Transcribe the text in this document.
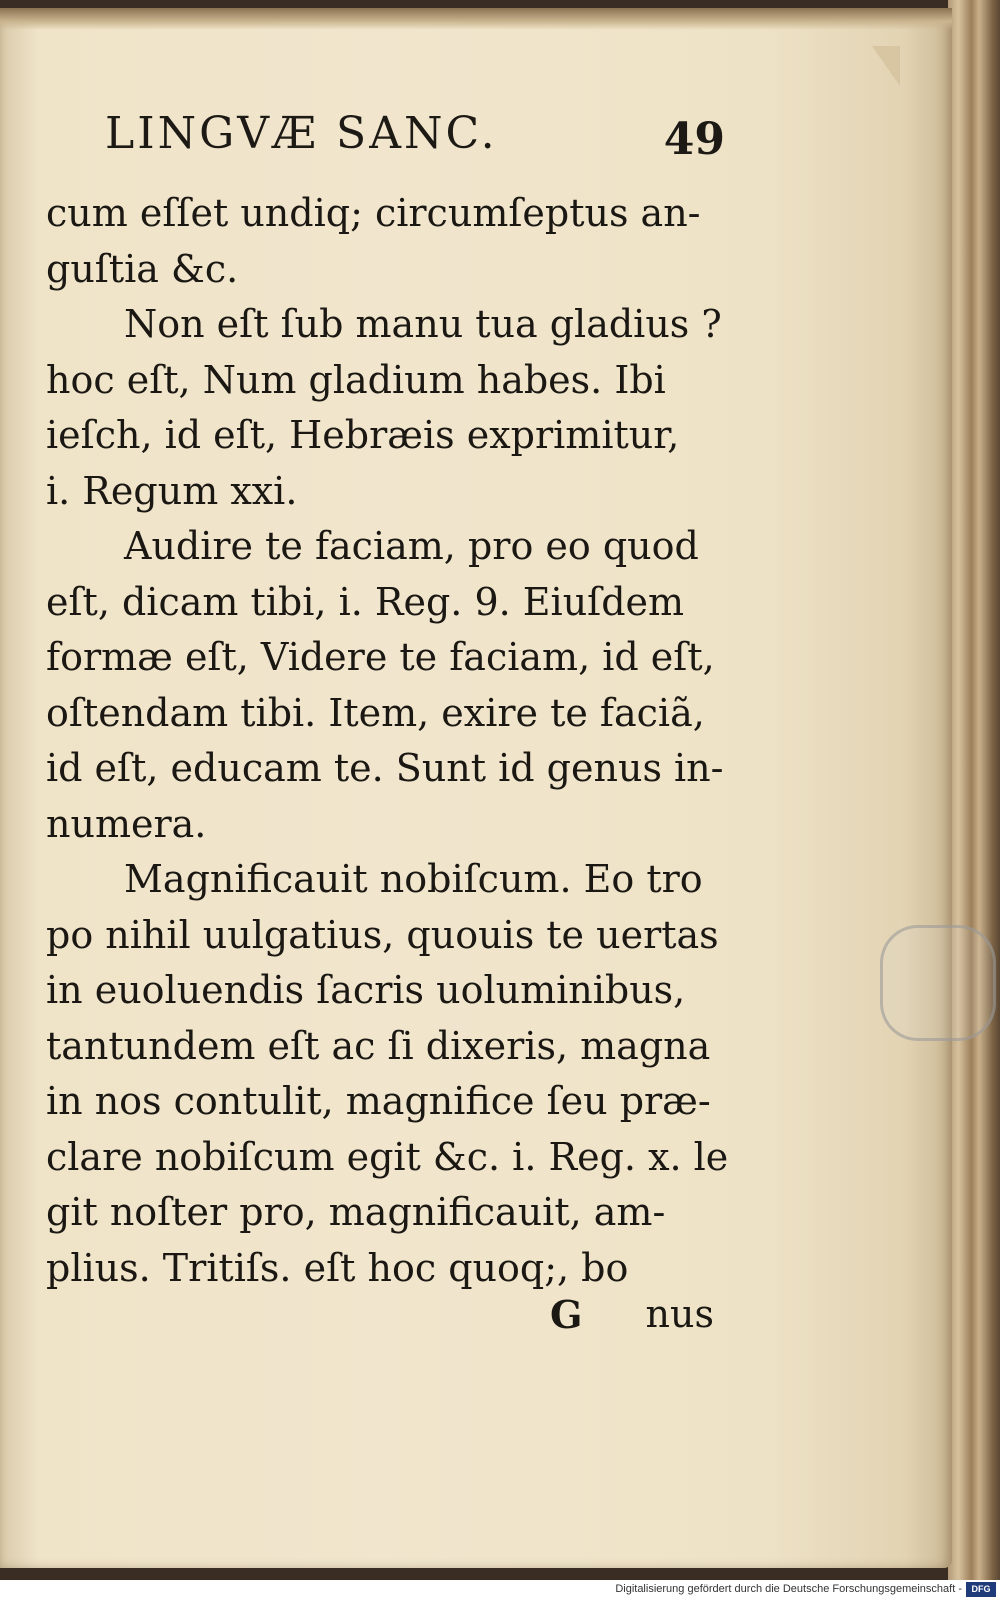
LINGVÆ SANC.	49
cum eſſet undiq; circumſeptus an-
guſtia &c.
Non eſt ſub manu tua gladius ?
hoc eſt, Num gladium habes. Ibi
ieſch, id eſt, Hebræis exprimitur,
i. Regum xxi.
Audire te faciam, pro eo quod
eſt, dicam tibi, i. Reg. 9. Eiuſdem
formæ eſt, Videre te faciam, id eſt,
oſtendam tibi. Item, exire te faciã,
id eſt, educam te. Sunt id genus in-
numera.
Magnificauit nobiſcum. Eo tro
po nihil uulgatius, quouis te uertas
in euoluendis ſacris uoluminibus,
tantundem eſt ac ſi dixeris, magna
in nos contulit, magnifice ſeu præ-
clare nobiſcum egit &c. i. Reg. x. le
git noſter pro, magnificauit, am-
plius. Tritiſs. eſt hoc quoq;, bo
G nus
Digitalisierung gefördert durch die Deutsche Forschungsgemeinschaft -	DFG
